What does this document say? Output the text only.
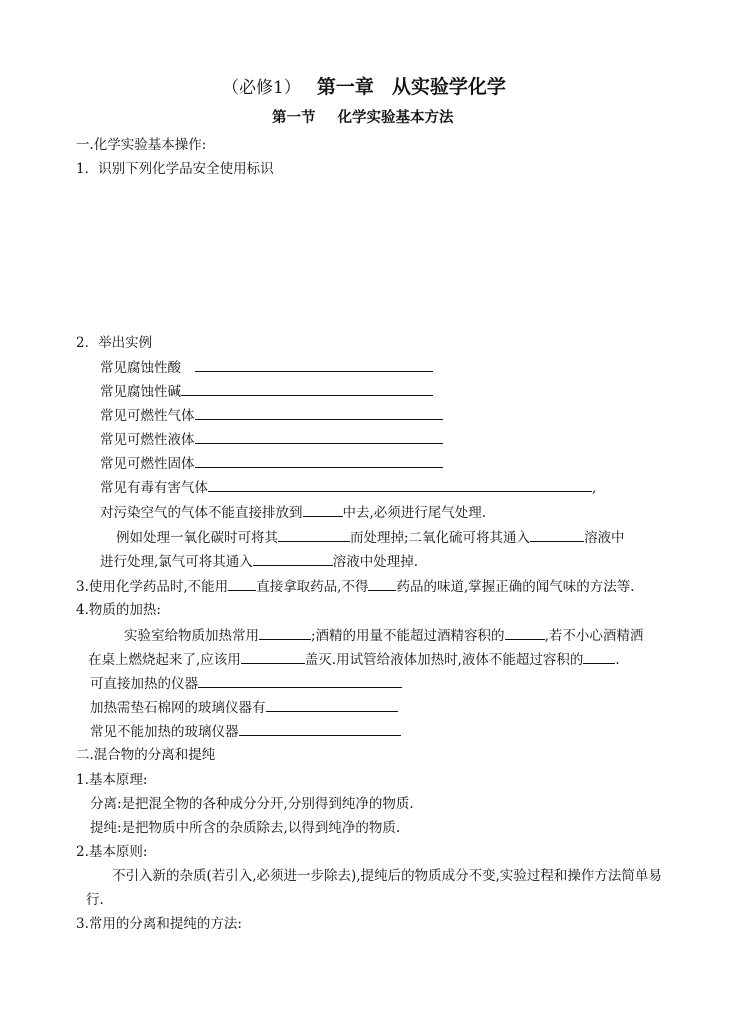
（必修1） 第一章 从实验学化学
第一节 化学实验基本方法
一.化学实验基本操作:
1．识别下列化学品安全使用标识
2．举出实例
常见腐蚀性酸
常见腐蚀性碱
常见可燃性气体
常见可燃性液体
常见可燃性固体
常见有毒有害气体	,
对污染空气的气体不能直接排放到	中去,必须进行尾气处理.
例如处理一氧化碳时可将其	而处理掉;二氧化硫可将其通入	溶液中
进行处理,氯气可将其通入	溶液中处理掉.
3.使用化学药品时,不能用 直接拿取药品,不得 药品的味道,掌握正确的闻气味的方法等.
4.物质的加热:
实验室给物质加热常用	;酒精的用量不能超过酒精容积的	,若不小心酒精洒
在桌上燃烧起来了,应该用	盖灭.用试管给液体加热时,液体不能超过容积的 .
可直接加热的仪器
加热需垫石棉网的玻璃仪器有
常见不能加热的玻璃仪器
二.混合物的分离和提纯
1.基本原理:
分离:是把混全物的各种成分分开,分别得到纯净的物质.
提纯:是把物质中所含的杂质除去,以得到纯净的物质.
2.基本原则:
不引入新的杂质(若引入,必须进一步除去),提纯后的物质成分不变,实验过程和操作方法简单易
行.
3.常用的分离和提纯的方法:
